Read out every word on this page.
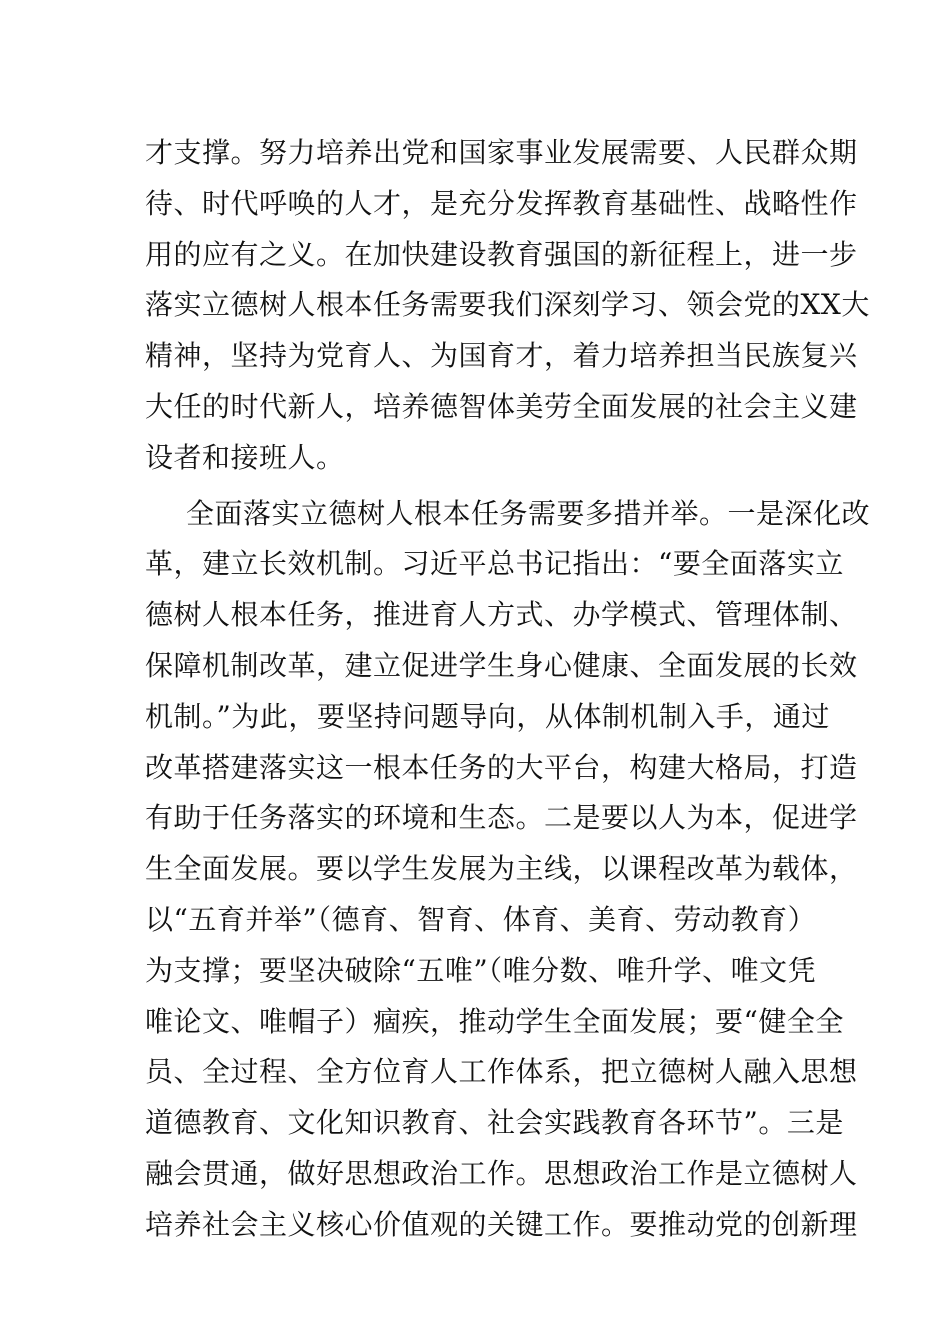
才支撑。努力培养出党和国家事业发展需要、人民群众期
待、时代呼唤的人才，是充分发挥教育基础性、战略性作
用的应有之义。在加快建设教育强国的新征程上，进一步
落实立德树人根本任务需要我们深刻学习、领会党的XX大
精神，坚持为党育人、为国育才，着力培养担当民族复兴
大任的时代新人，培养德智体美劳全面发展的社会主义建
设者和接班人。
全面落实立德树人根本任务需要多措并举。一是深化改
革，建立长效机制。习近平总书记指出：“要全面落实立
德树人根本任务，推进育人方式、办学模式、管理体制、
保障机制改革，建立促进学生身心健康、全面发展的长效
机制。”为此，要坚持问题导向，从体制机制入手，通过
改革搭建落实这一根本任务的大平台，构建大格局，打造
有助于任务落实的环境和生态。二是要以人为本，促进学
生全面发展。要以学生发展为主线，以课程改革为载体，
以“五育并举”（德育、智育、体育、美育、劳动教育）
为支撑；要坚决破除“五唯”（唯分数、唯升学、唯文凭
唯论文、唯帽子）痼疾，推动学生全面发展；要“健全全
员、全过程、全方位育人工作体系，把立德树人融入思想
道德教育、文化知识教育、社会实践教育各环节”。三是
融会贯通，做好思想政治工作。思想政治工作是立德树人
培养社会主义核心价值观的关键工作。要推动党的创新理
